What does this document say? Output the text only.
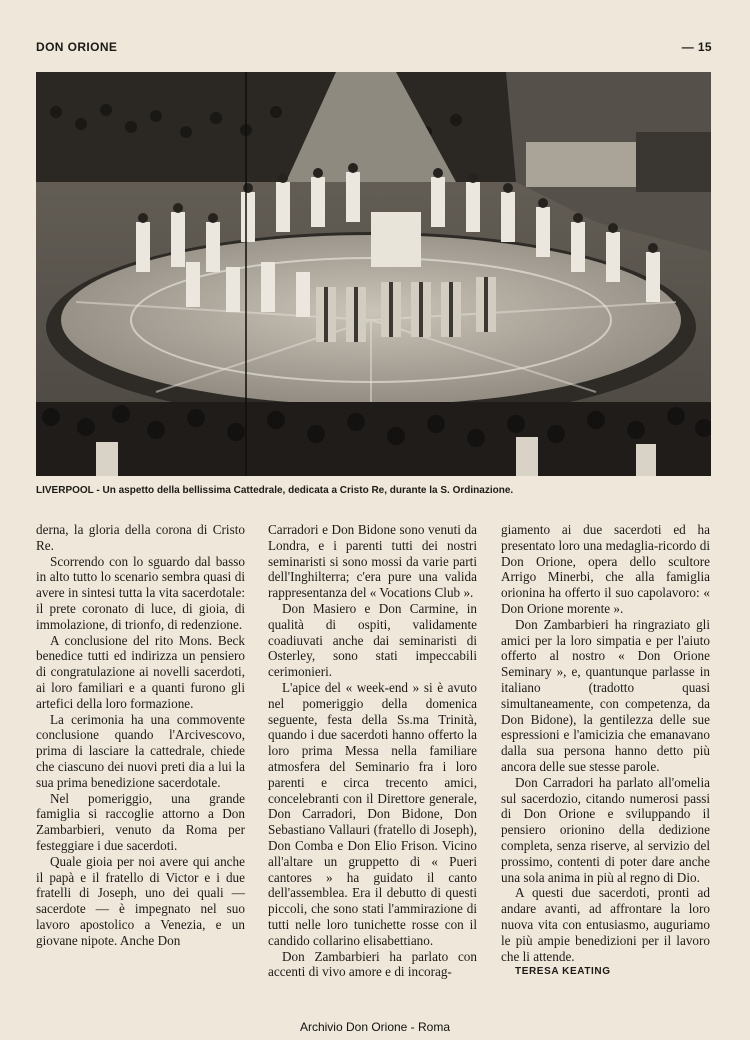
DON ORIONE	— 15
LIVERPOOL - Un aspetto della bellissima Cattedrale, dedicata a Cristo Re, durante la S. Ordinazione.

derna, la gloria della corona di Cristo Re.

Scorrendo con lo sguardo dal basso in alto tutto lo scenario sembra quasi di avere in sintesi tutta la vita sacerdotale: il prete coronato di luce, di gioia, di immolazione, di trionfo, di redenzione.

A conclusione del rito Mons. Beck benedice tutti ed indirizza un pensiero di congratulazione ai novelli sacerdoti, ai loro familiari e a quanti furono gli artefici della loro formazione.

La cerimonia ha una commovente conclusione quando l'Arcivescovo, prima di lasciare la cattedrale, chiede che ciascuno dei nuovi preti dia a lui la sua prima benedizione sacerdotale.

Nel pomeriggio, una grande famiglia si raccoglie attorno a Don Zambarbieri, venuto da Roma per festeggiare i due sacerdoti.

Quale gioia per noi avere qui anche il papà e il fratello di Victor e i due fratelli di Joseph, uno dei quali — sacerdote — è impegnato nel suo lavoro apostolico a Venezia, e un giovane nipote. Anche Don

Carradori e Don Bidone sono venuti da Londra, e i parenti tutti dei nostri seminaristi si sono mossi da varie parti dell'Inghilterra; c'era pure una valida rappresentanza del « Vocations Club ».

Don Masiero e Don Carmine, in qualità di ospiti, validamente coadiuvati anche dai seminaristi di Osterley, sono stati impeccabili cerimonieri.

L'apice del « week-end » si è avuto nel pomeriggio della domenica seguente, festa della Ss.ma Trinità, quando i due sacerdoti hanno offerto la loro prima Messa nella familiare atmosfera del Seminario fra i loro parenti e circa trecento amici, concelebranti con il Direttore generale, Don Carradori, Don Bidone, Don Sebastiano Vallauri (fratello di Joseph), Don Comba e Don Elio Frison. Vicino all'altare un gruppetto di « Pueri cantores » ha guidato il canto dell'assemblea. Era il debutto di questi piccoli, che sono stati l'ammirazione di tutti nelle loro tunichette rosse con il candido collarino elisabettiano.

Don Zambarbieri ha parlato con accenti di vivo amore e di incorag-

giamento ai due sacerdoti ed ha presentato loro una medaglia-ricordo di Don Orione, opera dello scultore Arrigo Minerbi, che alla famiglia orionina ha offerto il suo capolavoro: « Don Orione morente ».

Don Zambarbieri ha ringraziato gli amici per la loro simpatia e per l'aiuto offerto al nostro « Don Orione Seminary », e, quantunque parlasse in italiano (tradotto quasi simultaneamente, con competenza, da Don Bidone), la gentilezza delle sue espressioni e l'amicizia che emanavano dalla sua persona hanno detto più ancora delle sue stesse parole.

Don Carradori ha parlato all'omelia sul sacerdozio, citando numerosi passi di Don Orione e sviluppando il pensiero orionino della dedizione completa, senza riserve, al servizio del prossimo, contenti di poter dare anche una sola anima in più al regno di Dio.

A questi due sacerdoti, pronti ad andare avanti, ad affrontare la loro nuova vita con entusiasmo, auguriamo le più ampie benedizioni per il lavoro che li attende.

TERESA KEATING

Archivio Don Orione - Roma
